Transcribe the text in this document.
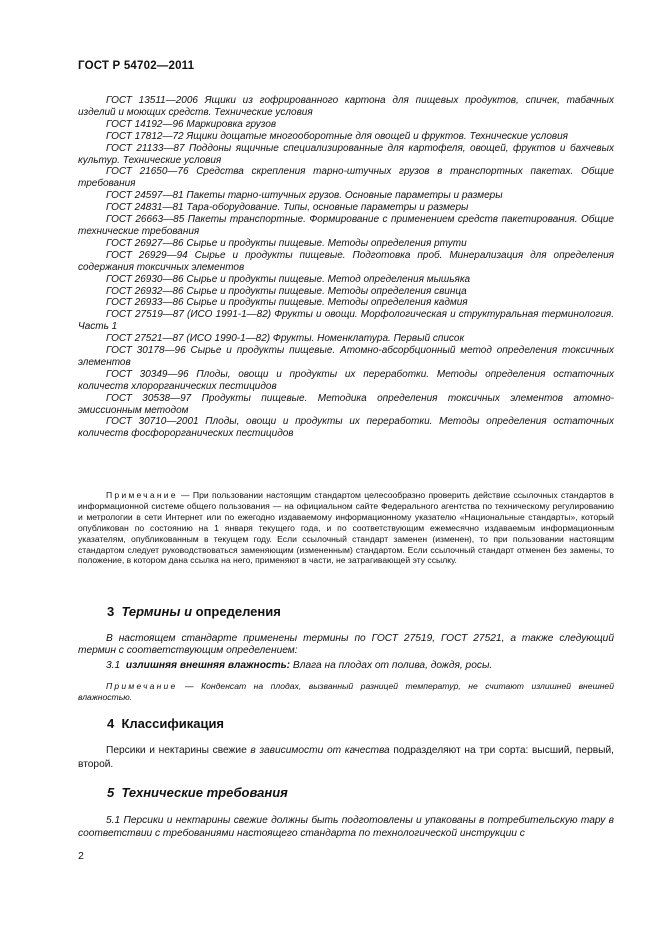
ГОСТ Р 54702—2011
ГОСТ 13511—2006 Ящики из гофрированного картона для пищевых продуктов, спичек, табачных изделий и моющих средств. Технические условия
ГОСТ 14192—96 Маркировка грузов
ГОСТ 17812—72 Ящики дощатые многооборотные для овощей и фруктов. Технические условия
ГОСТ 21133—87 Поддоны ящичные специализированные для картофеля, овощей, фруктов и бахчевых культур. Технические условия
ГОСТ 21650—76 Средства скрепления тарно-штучных грузов в транспортных пакетах. Общие требования
ГОСТ 24597—81 Пакеты тарно-штучных грузов. Основные параметры и размеры
ГОСТ 24831—81 Тара-оборудование. Типы, основные параметры и размеры
ГОСТ 26663—85 Пакеты транспортные. Формирование с применением средств пакетирования. Общие технические требования
ГОСТ 26927—86 Сырье и продукты пищевые. Методы определения ртути
ГОСТ 26929—94 Сырье и продукты пищевые. Подготовка проб. Минерализация для определения содержания токсичных элементов
ГОСТ 26930—86 Сырье и продукты пищевые. Метод определения мышьяка
ГОСТ 26932—86 Сырье и продукты пищевые. Методы определения свинца
ГОСТ 26933—86 Сырье и продукты пищевые. Методы определения кадмия
ГОСТ 27519—87 (ИСО 1991-1—82) Фрукты и овощи. Морфологическая и структуральная терминология. Часть 1
ГОСТ 27521—87 (ИСО 1990-1—82) Фрукты. Номенклатура. Первый список
ГОСТ 30178—96 Сырье и продукты пищевые. Атомно-абсорбционный метод определения токсичных элементов
ГОСТ 30349—96 Плоды, овощи и продукты их переработки. Методы определения остаточных количеств хлорорганических пестицидов
ГОСТ 30538—97 Продукты пищевые. Методика определения токсичных элементов атомно-эмиссионным методом
ГОСТ 30710—2001 Плоды, овощи и продукты их переработки. Методы определения остаточных количеств фосфорорганических пестицидов
Примечание — При пользовании настоящим стандартом целесообразно проверить действие ссылочных стандартов в информационной системе общего пользования — на официальном сайте Федерального агентства по техническому регулированию и метрологии в сети Интернет или по ежегодно издаваемому информационному указателю «Национальные стандарты», который опубликован по состоянию на 1 января текущего года, и по соответствующим ежемесячно издаваемым информационным указателям, опубликованным в текущем году. Если ссылочный стандарт заменен (изменен), то при пользовании настоящим стандартом следует руководствоваться заменяющим (измененным) стандартом. Если ссылочный стандарт отменен без замены, то положение, в котором дана ссылка на него, применяют в части, не затрагивающей эту ссылку.
3 Термины и определения
В настоящем стандарте применены термины по ГОСТ 27519, ГОСТ 27521, а также следующий термин с соответствующим определением:
3.1 излишняя внешняя влажность: Влага на плодах от полива, дождя, росы.
Примечание — Конденсат на плодах, вызванный разницей температур, не считают излишней внешней влажностью.
4 Классификация
Персики и нектарины свежие в зависимости от качества подразделяют на три сорта: высший, первый, второй.
5 Технические требования
5.1 Персики и нектарины свежие должны быть подготовлены и упакованы в потребительскую тару в соответствии с требованиями настоящего стандарта по технологической инструкции с
2
